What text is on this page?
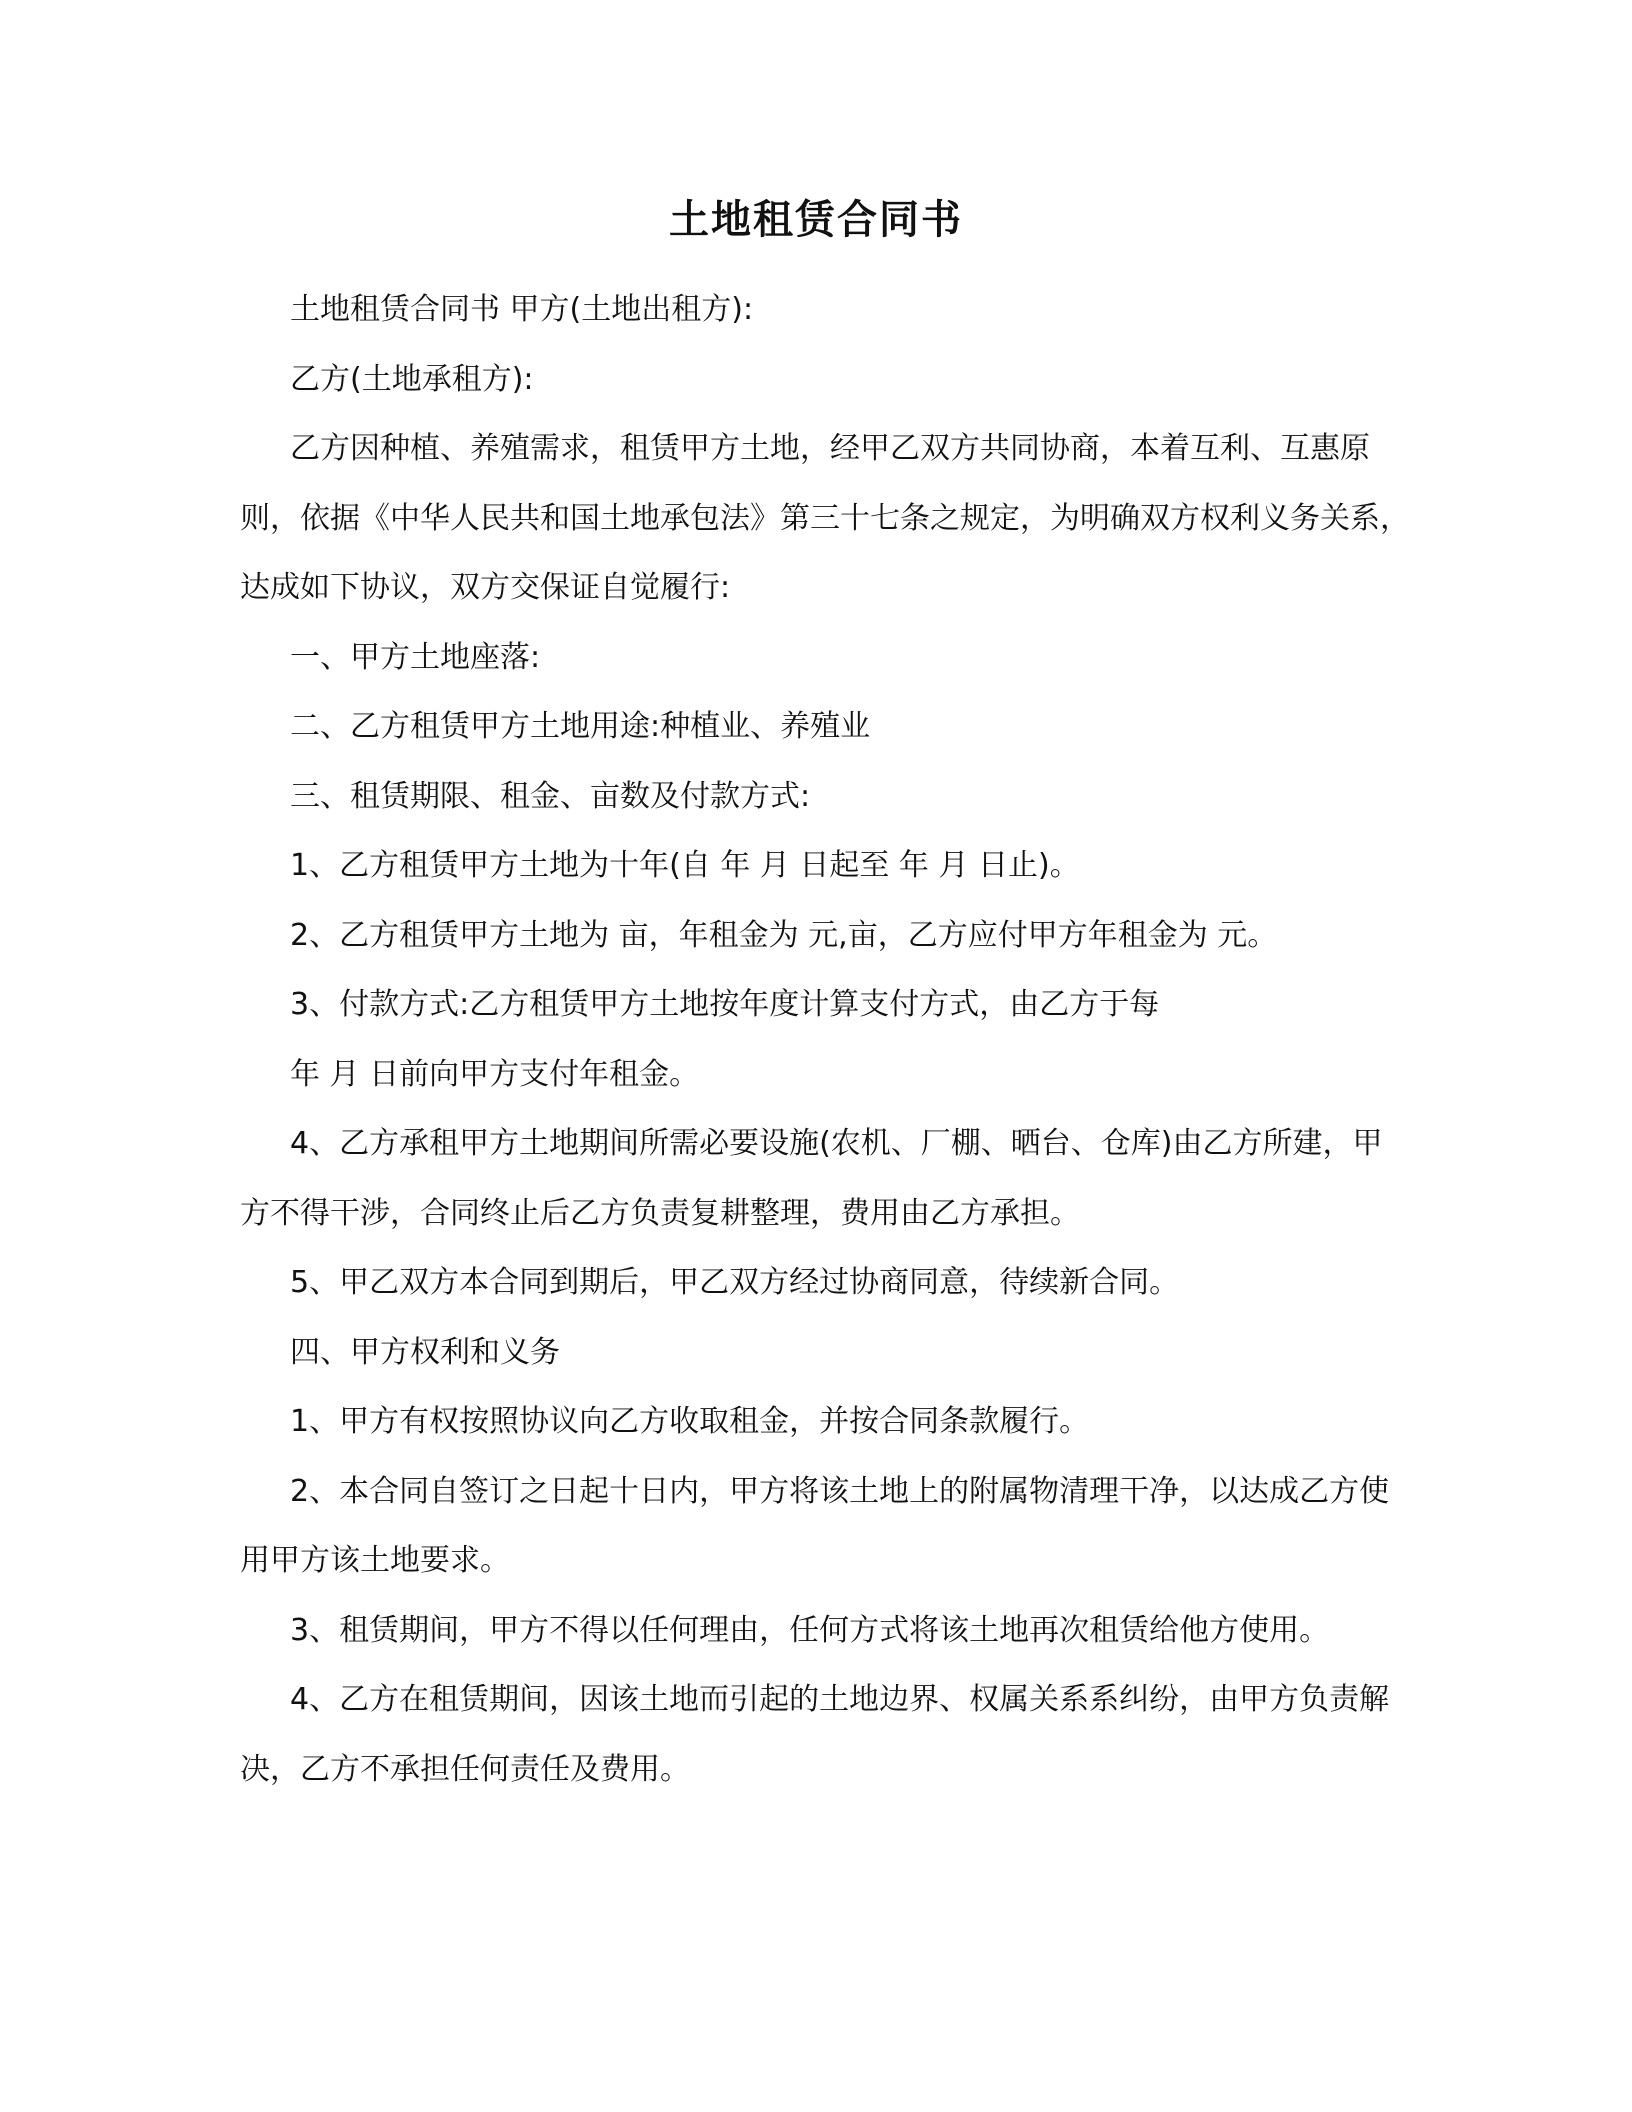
土地租赁合同书

土地租赁合同书 甲方(土地出租方):

乙方(土地承租方):

乙方因种植、养殖需求，租赁甲方土地，经甲乙双方共同协商，本着互利、互惠原则，依据《中华人民共和国土地承包法》第三十七条之规定，为明确双方权利义务关系，达成如下协议，双方交保证自觉履行:

一、甲方土地座落:

二、乙方租赁甲方土地用途:种植业、养殖业

三、租赁期限、租金、亩数及付款方式:

1、乙方租赁甲方土地为十年(自 年 月 日起至 年 月 日止)。

2、乙方租赁甲方土地为 亩，年租金为 元,亩，乙方应付甲方年租金为 元。

3、付款方式:乙方租赁甲方土地按年度计算支付方式，由乙方于每

年 月 日前向甲方支付年租金。

4、乙方承租甲方土地期间所需必要设施(农机、厂棚、晒台、仓库)由乙方所建，甲方不得干涉，合同终止后乙方负责复耕整理，费用由乙方承担。

5、甲乙双方本合同到期后，甲乙双方经过协商同意，待续新合同。

四、甲方权利和义务

1、甲方有权按照协议向乙方收取租金，并按合同条款履行。

2、本合同自签订之日起十日内，甲方将该土地上的附属物清理干净，以达成乙方使用甲方该土地要求。

3、租赁期间，甲方不得以任何理由，任何方式将该土地再次租赁给他方使用。

4、乙方在租赁期间，因该土地而引起的土地边界、权属关系系纠纷，由甲方负责解决，乙方不承担任何责任及费用。
